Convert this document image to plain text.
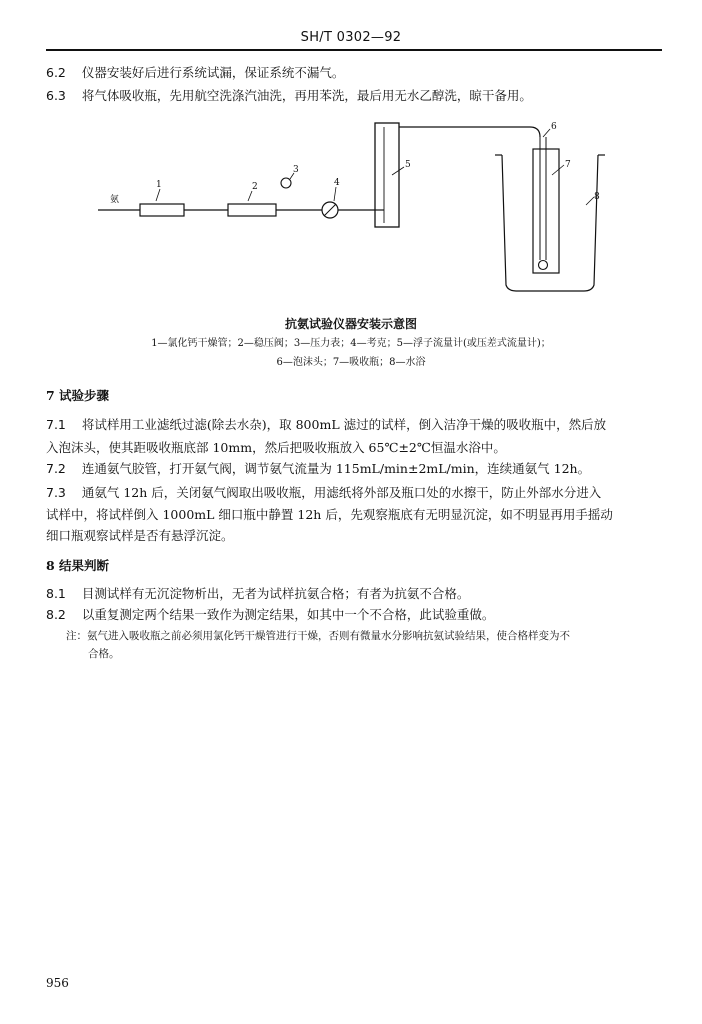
SH/T 0302—92
6.2 仪器安装好后进行系统试漏，保证系统不漏气。
6.3 将气体吸收瓶，先用航空洗涤汽油洗，再用苯洗，最后用无水乙醇洗，晾干备用。
氨
1	2
3
4
5
6
8
7
抗氨试验仪器安装示意图
1—氯化钙干燥管；2—稳压阀；3—压力表；4—考克；5—浮子流量计(或压差式流量计)；
6—泡沫头；7—吸收瓶；8—水浴
7 试验步骤
7.1 将试样用工业滤纸过滤(除去水杂)，取 800mL 滤过的试样，倒入洁净干燥的吸收瓶中，然后放
入泡沫头，使其距吸收瓶底部 10mm，然后把吸收瓶放入 65℃±2℃恒温水浴中。
7.2 连通氨气胶管，打开氨气阀，调节氨气流量为 115mL/min±2mL/min，连续通氨气 12h。
7.3 通氨气 12h 后，关闭氨气阀取出吸收瓶，用滤纸将外部及瓶口处的水擦干，防止外部水分进入
试样中，将试样倒入 1000mL 细口瓶中静置 12h 后，先观察瓶底有无明显沉淀，如不明显再用手摇动
细口瓶观察试样是否有悬浮沉淀。
8 结果判断
8.1 目测试样有无沉淀物析出，无者为试样抗氨合格；有者为抗氨不合格。
8.2 以重复测定两个结果一致作为测定结果，如其中一个不合格，此试验重做。
注：氨气进入吸收瓶之前必须用氯化钙干燥管进行干燥，否则有微量水分影响抗氨试验结果，使合格样变为不
合格。
956
